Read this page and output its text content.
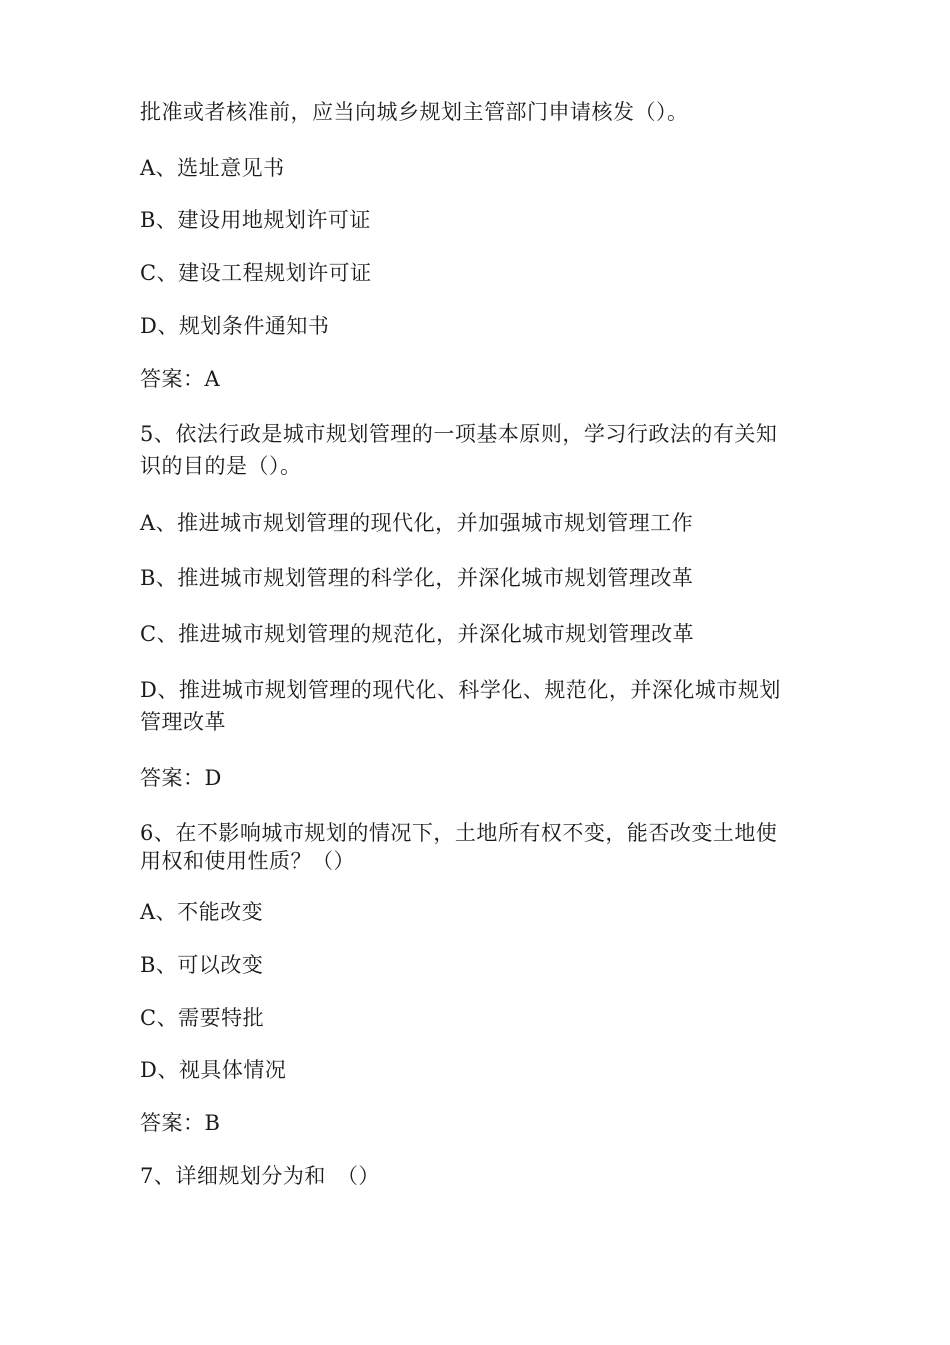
批准或者核准前，应当向城乡规划主管部门申请核发（）。
A、选址意见书
B、建设用地规划许可证
C、建设工程规划许可证
D、规划条件通知书
答案：A
5、依法行政是城市规划管理的一项基本原则，学习行政法的有关知
识的目的是（）。
A、推进城市规划管理的现代化，并加强城市规划管理工作
B、推进城市规划管理的科学化，并深化城市规划管理改革
C、推进城市规划管理的规范化，并深化城市规划管理改革
D、推进城市规划管理的现代化、科学化、规范化，并深化城市规划
管理改革
答案：D
6、在不影响城市规划的情况下，土地所有权不变，能否改变土地使
用权和使用性质？（）
A、不能改变
B、可以改变
C、需要特批
D、视具体情况
答案：B
7、详细规划分为和　（）
